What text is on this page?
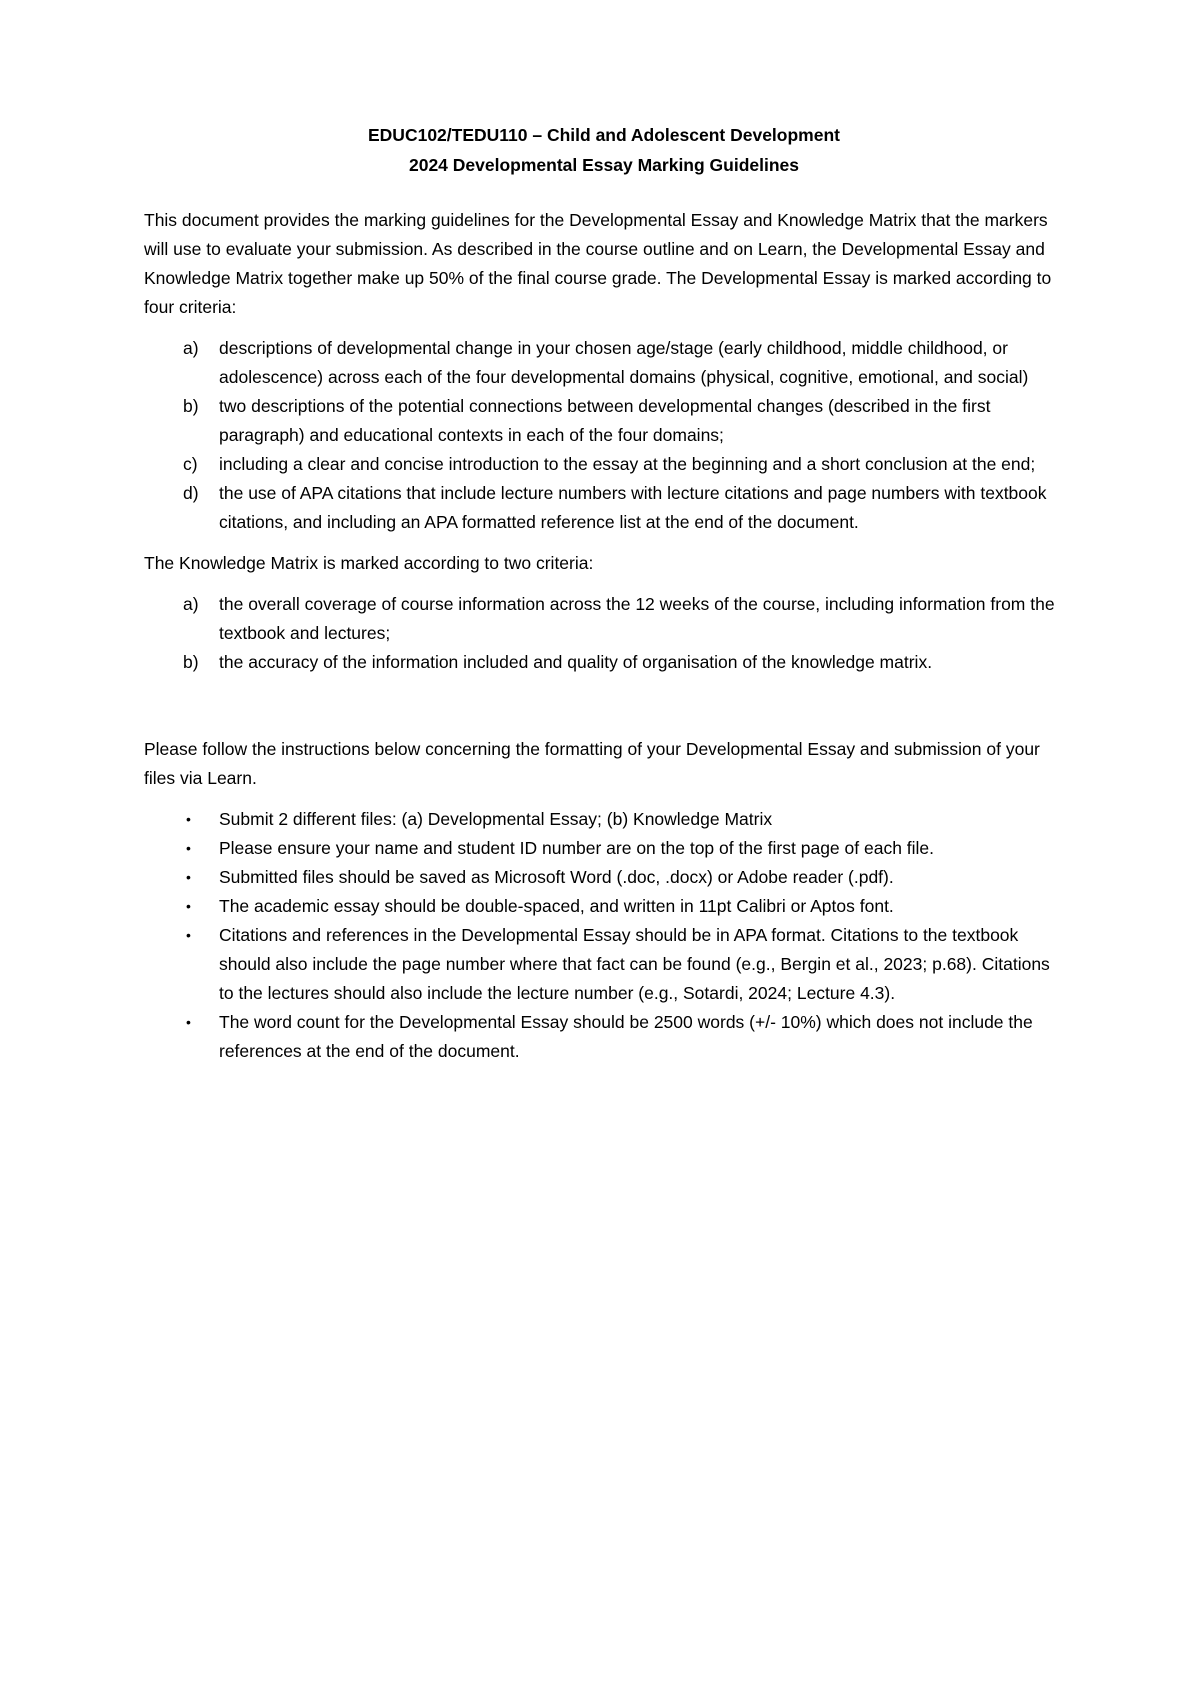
EDUC102/TEDU110 – Child and Adolescent Development
2024 Developmental Essay Marking Guidelines

This document provides the marking guidelines for the Developmental Essay and Knowledge Matrix that the markers will use to evaluate your submission. As described in the course outline and on Learn, the Developmental Essay and Knowledge Matrix together make up 50% of the final course grade. The Developmental Essay is marked according to four criteria:

a) descriptions of developmental change in your chosen age/stage (early childhood, middle childhood, or adolescence) across each of the four developmental domains (physical, cognitive, emotional, and social)
b) two descriptions of the potential connections between developmental changes (described in the first paragraph) and educational contexts in each of the four domains;
c) including a clear and concise introduction to the essay at the beginning and a short conclusion at the end;
d) the use of APA citations that include lecture numbers with lecture citations and page numbers with textbook citations, and including an APA formatted reference list at the end of the document.

The Knowledge Matrix is marked according to two criteria:

a) the overall coverage of course information across the 12 weeks of the course, including information from the textbook and lectures;
b) the accuracy of the information included and quality of organisation of the knowledge matrix.

Please follow the instructions below concerning the formatting of your Developmental Essay and submission of your files via Learn.

• Submit 2 different files: (a) Developmental Essay; (b) Knowledge Matrix
• Please ensure your name and student ID number are on the top of the first page of each file.
• Submitted files should be saved as Microsoft Word (.doc, .docx) or Adobe reader (.pdf).
• The academic essay should be double-spaced, and written in 11pt Calibri or Aptos font.
• Citations and references in the Developmental Essay should be in APA format. Citations to the textbook should also include the page number where that fact can be found (e.g., Bergin et al., 2023; p.68). Citations to the lectures should also include the lecture number (e.g., Sotardi, 2024; Lecture 4.3).
• The word count for the Developmental Essay should be 2500 words (+/- 10%) which does not include the references at the end of the document.
